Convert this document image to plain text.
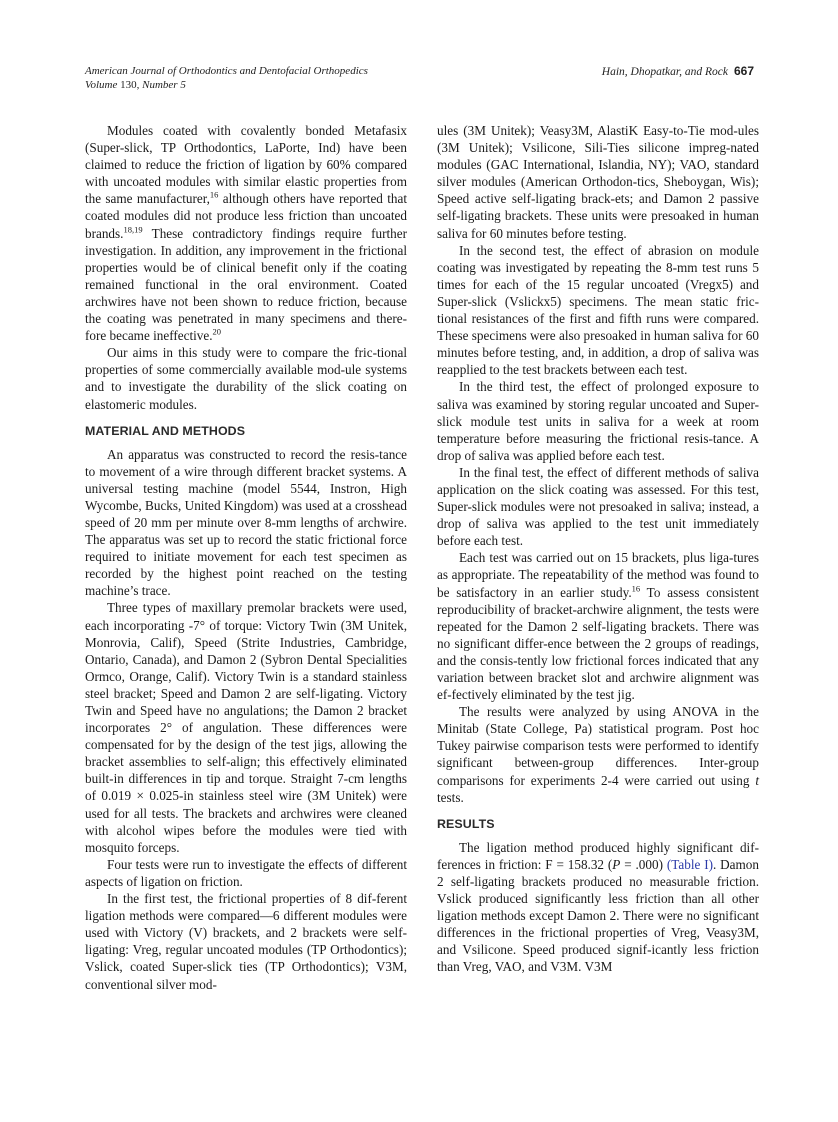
American Journal of Orthodontics and Dentofacial Orthopedics
Volume 130, Number 5
Hain, Dhopatkar, and Rock 667

Modules coated with covalently bonded Metafasix (Super-slick, TP Orthodontics, LaPorte, Ind) have been claimed to reduce the friction of ligation by 60% compared with uncoated modules with similar elastic properties from the same manufacturer,$^{16}$ although others have reported that coated modules did not produce less friction than uncoated brands.$^{18,19}$ These contradictory findings require further investigation. In addition, any improvement in the frictional properties would be of clinical benefit only if the coating remained functional in the oral environment. Coated archwires have not been shown to reduce friction, because the coating was penetrated in many specimens and there-fore became ineffective.$^{20}$

Our aims in this study were to compare the fric-tional properties of some commercially available mod-ule systems and to investigate the durability of the slick coating on elastomeric modules.

MATERIAL AND METHODS

An apparatus was constructed to record the resis-tance to movement of a wire through different bracket systems. A universal testing machine (model 5544, Instron, High Wycombe, Bucks, United Kingdom) was used at a crosshead speed of 20 mm per minute over 8-mm lengths of archwire. The apparatus was set up to record the static frictional force required to initiate movement for each test specimen as recorded by the highest point reached on the testing machine’s trace.

Three types of maxillary premolar brackets were used, each incorporating -7° of torque: Victory Twin (3M Unitek, Monrovia, Calif), Speed (Strite Industries, Cambridge, Ontario, Canada), and Damon 2 (Sybron Dental Specialities Ormco, Orange, Calif). Victory Twin is a standard stainless steel bracket; Speed and Damon 2 are self-ligating. Victory Twin and Speed have no angulations; the Damon 2 bracket incorporates 2° of angulation. These differences were compensated for by the design of the test jigs, allowing the bracket assemblies to self-align; this effectively eliminated built-in differences in tip and torque. Straight 7-cm lengths of 0.019 × 0.025-in stainless steel wire (3M Unitek) were used for all tests. The brackets and archwires were cleaned with alcohol wipes before the modules were tied with mosquito forceps.

Four tests were run to investigate the effects of different aspects of ligation on friction.

In the first test, the frictional properties of 8 dif-ferent ligation methods were compared—6 different modules were used with Victory (V) brackets, and 2 brackets were self-ligating: Vreg, regular uncoated modules (TP Orthodontics); Vslick, coated Super-slick ties (TP Orthodontics); V3M, conventional silver mod-

ules (3M Unitek); Veasy3M, AlastiK Easy-to-Tie mod-ules (3M Unitek); Vsilicone, Sili-Ties silicone impreg-nated modules (GAC International, Islandia, NY); VAO, standard silver modules (American Orthodon-tics, Sheboygan, Wis); Speed active self-ligating brack-ets; and Damon 2 passive self-ligating brackets. These units were presoaked in human saliva for 60 minutes before testing.

In the second test, the effect of abrasion on module coating was investigated by repeating the 8-mm test runs 5 times for each of the 15 regular uncoated (Vregx5) and Super-slick (Vslickx5) specimens. The mean static fric-tional resistances of the first and fifth runs were compared. These specimens were also presoaked in human saliva for 60 minutes before testing, and, in addition, a drop of saliva was reapplied to the test brackets between each test.

In the third test, the effect of prolonged exposure to saliva was examined by storing regular uncoated and Super-slick module test units in saliva for a week at room temperature before measuring the frictional resis-tance. A drop of saliva was applied before each test.

In the final test, the effect of different methods of saliva application on the slick coating was assessed. For this test, Super-slick modules were not presoaked in saliva; instead, a drop of saliva was applied to the test unit immediately before each test.

Each test was carried out on 15 brackets, plus liga-tures as appropriate. The repeatability of the method was found to be satisfactory in an earlier study.$^{16}$ To assess consistent reproducibility of bracket-archwire alignment, the tests were repeated for the Damon 2 self-ligating brackets. There was no significant differ-ence between the 2 groups of readings, and the consis-tently low frictional forces indicated that any variation between bracket slot and archwire alignment was ef-fectively eliminated by the test jig.

The results were analyzed by using ANOVA in the Minitab (State College, Pa) statistical program. Post hoc Tukey pairwise comparison tests were performed to identify significant between-group differences. Inter-group comparisons for experiments 2-4 were carried out using t tests.

RESULTS

The ligation method produced highly significant dif-ferences in friction: F = 158.32 (P = .000) (Table I). Damon 2 self-ligating brackets produced no measurable friction. Vslick produced significantly less friction than all other ligation methods except Damon 2. There were no significant differences in the frictional properties of Vreg, Veasy3M, and Vsilicone. Speed produced signif-icantly less friction than Vreg, VAO, and V3M. V3M
